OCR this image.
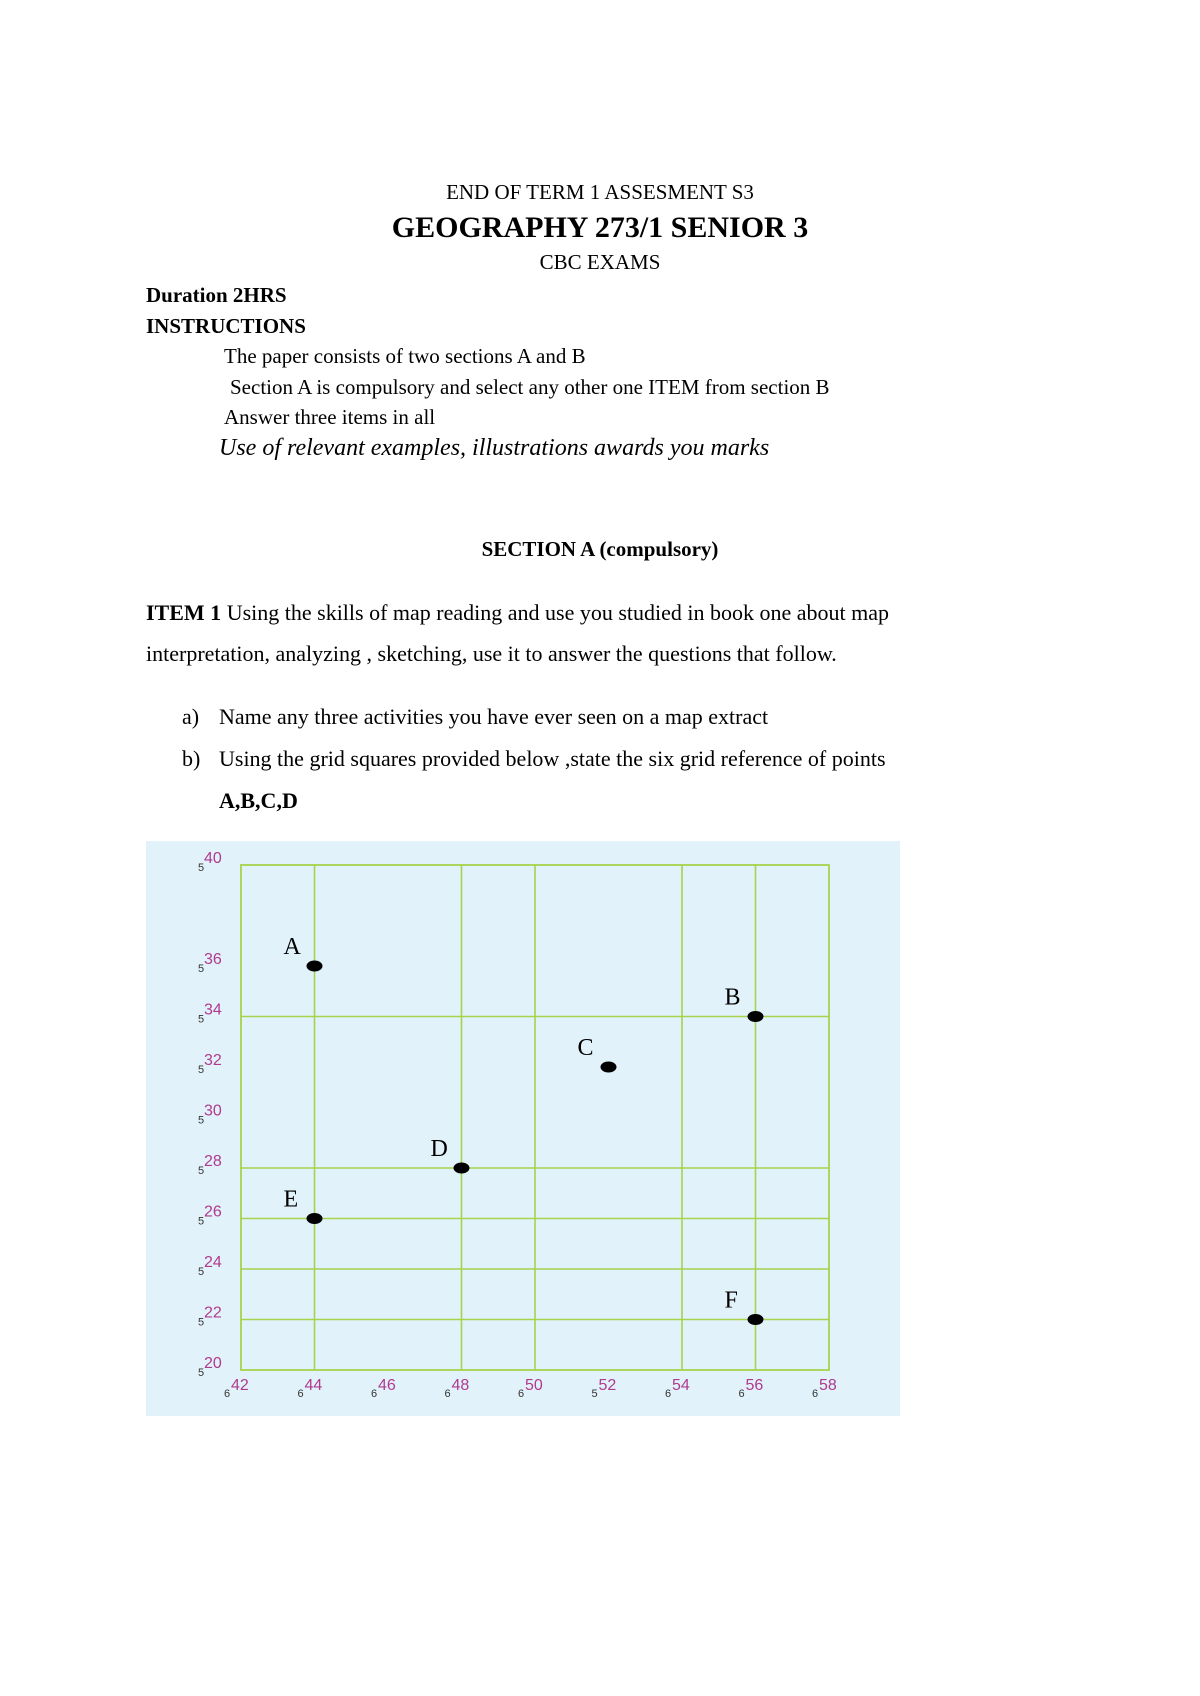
END OF TERM 1 ASSESMENT S3
GEOGRAPHY 273/1 SENIOR 3
CBC EXAMS
Duration 2HRS
INSTRUCTIONS
The paper consists of two sections A and B
Section A is compulsory and select any other one ITEM from section B
Answer three items in all
Use of relevant examples, illustrations awards you marks
SECTION A (compulsory)
ITEM 1 Using the skills of map reading and use you studied in book one about map
interpretation, analyzing , sketching, use it to answer the questions that follow.
a) Name any three activities you have ever seen on a map extract
b) Using the grid squares provided below ,state the six grid reference of points
A,B,C,D
6 42	6 44	6 46	6 48	6 50	5 52	6 54	6 56	6 58
5
20
5
22
5
24
5
26
5
28
5
30
5
32
5
34
5
36
5
40
A
B
C
D
E
F
